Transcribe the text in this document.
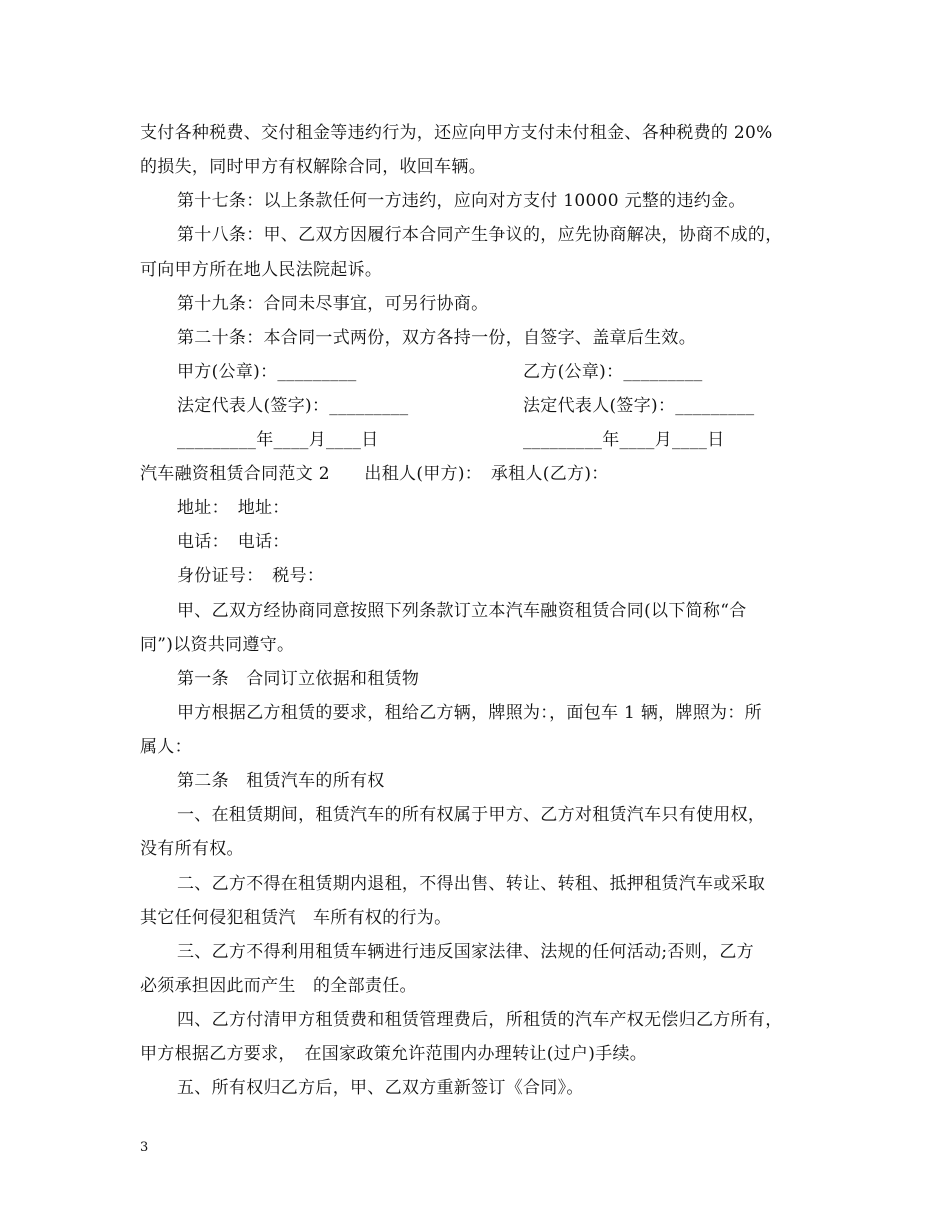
支付各种税费、交付租金等违约行为，还应向甲方支付未付租金、各种税费的 20%
的损失，同时甲方有权解除合同，收回车辆。
第十七条：以上条款任何一方违约，应向对方支付 10000 元整的违约金。
第十八条：甲、乙双方因履行本合同产生争议的，应先协商解决，协商不成的，
可向甲方所在地人民法院起诉。
第十九条：合同未尽事宜，可另行协商。
第二十条：本合同一式两份，双方各持一份，自签字、盖章后生效。
甲方(公章)：_________	乙方(公章)：_________
法定代表人(签字)：_________	法定代表人(签字)：_________
_________年____月____日	_________年____月____日
汽车融资租赁合同范文 2　　出租人(甲方)：　承租人(乙方)：
地址：　地址：
电话：　电话：
身份证号：　税号：
甲、乙双方经协商同意按照下列条款订立本汽车融资租赁合同(以下简称“合
同”)以资共同遵守。
第一条　合同订立依据和租赁物
甲方根据乙方租赁的要求，租给乙方辆，牌照为：，面包车 1 辆，牌照为：所
属人：
第二条　租赁汽车的所有权
一、在租赁期间，租赁汽车的所有权属于甲方、乙方对租赁汽车只有使用权，
没有所有权。
二、乙方不得在租赁期内退租，不得出售、转让、转租、抵押租赁汽车或采取
其它任何侵犯租赁汽　车所有权的行为。
三、乙方不得利用租赁车辆进行违反国家法律、法规的任何活动;否则，乙方
必须承担因此而产生　的全部责任。
四、乙方付清甲方租赁费和租赁管理费后，所租赁的汽车产权无偿归乙方所有，
甲方根据乙方要求，　在国家政策允许范围内办理转让(过户)手续。
五、所有权归乙方后，甲、乙双方重新签订《合同》。
3
